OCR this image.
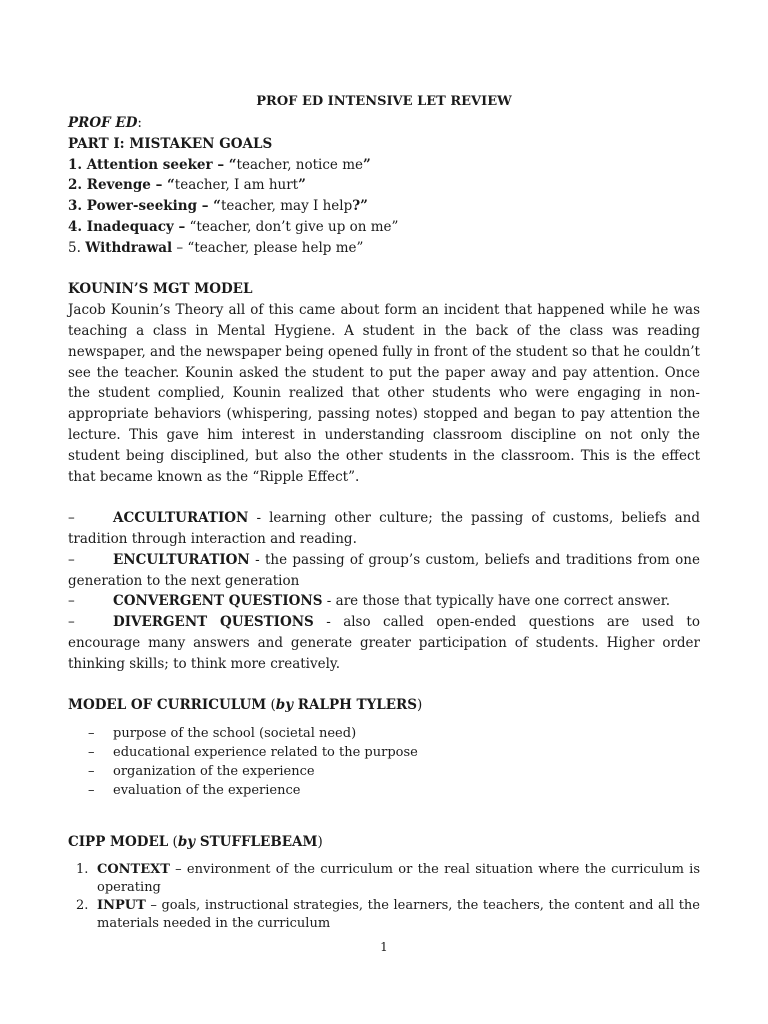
PROF ED INTENSIVE LET REVIEW

PROF ED:

PART I: MISTAKEN GOALS

1. Attention seeker – “teacher, notice me”

2. Revenge – “teacher, I am hurt”

3. Power-seeking – “teacher, may I help?”

4. Inadequacy – “teacher, don’t give up on me”

5. Withdrawal – “teacher, please help me”

KOUNIN’S MGT MODEL

Jacob Kounin’s Theory all of this came about form an incident that happened while he was teaching a class in Mental Hygiene. A student in the back of the class was reading newspaper, and the newspaper being opened fully in front of the student so that he couldn’t see the teacher. Kounin asked the student to put the paper away and pay attention. Once the student complied, Kounin realized that other students who were engaging in non-appropriate behaviors (whispering, passing notes) stopped and began to pay attention the lecture. This gave him interest in understanding classroom discipline on not only the student being disciplined, but also the other students in the classroom. This is the effect that became known as the “Ripple Effect”.

–	ACCULTURATION - learning other culture; the passing of customs, beliefs and tradition through interaction and reading.

–	ENCULTURATION - the passing of group’s custom, beliefs and traditions from one generation to the next generation

–	CONVERGENT QUESTIONS - are those that typically have one correct answer.

–	DIVERGENT QUESTIONS - also called open-ended questions are used to encourage many answers and generate greater participation of students. Higher order thinking skills; to think more creatively.

MODEL OF CURRICULUM (by RALPH TYLERS)

–	purpose of the school (societal need)
–	educational experience related to the purpose
–	organization of the experience
–	evaluation of the experience

CIPP MODEL (by STUFFLEBEAM)

1. CONTEXT – environment of the curriculum or the real situation where the curriculum is operating
2. INPUT – goals, instructional strategies, the learners, the teachers, the content and all the materials needed in the curriculum
1
